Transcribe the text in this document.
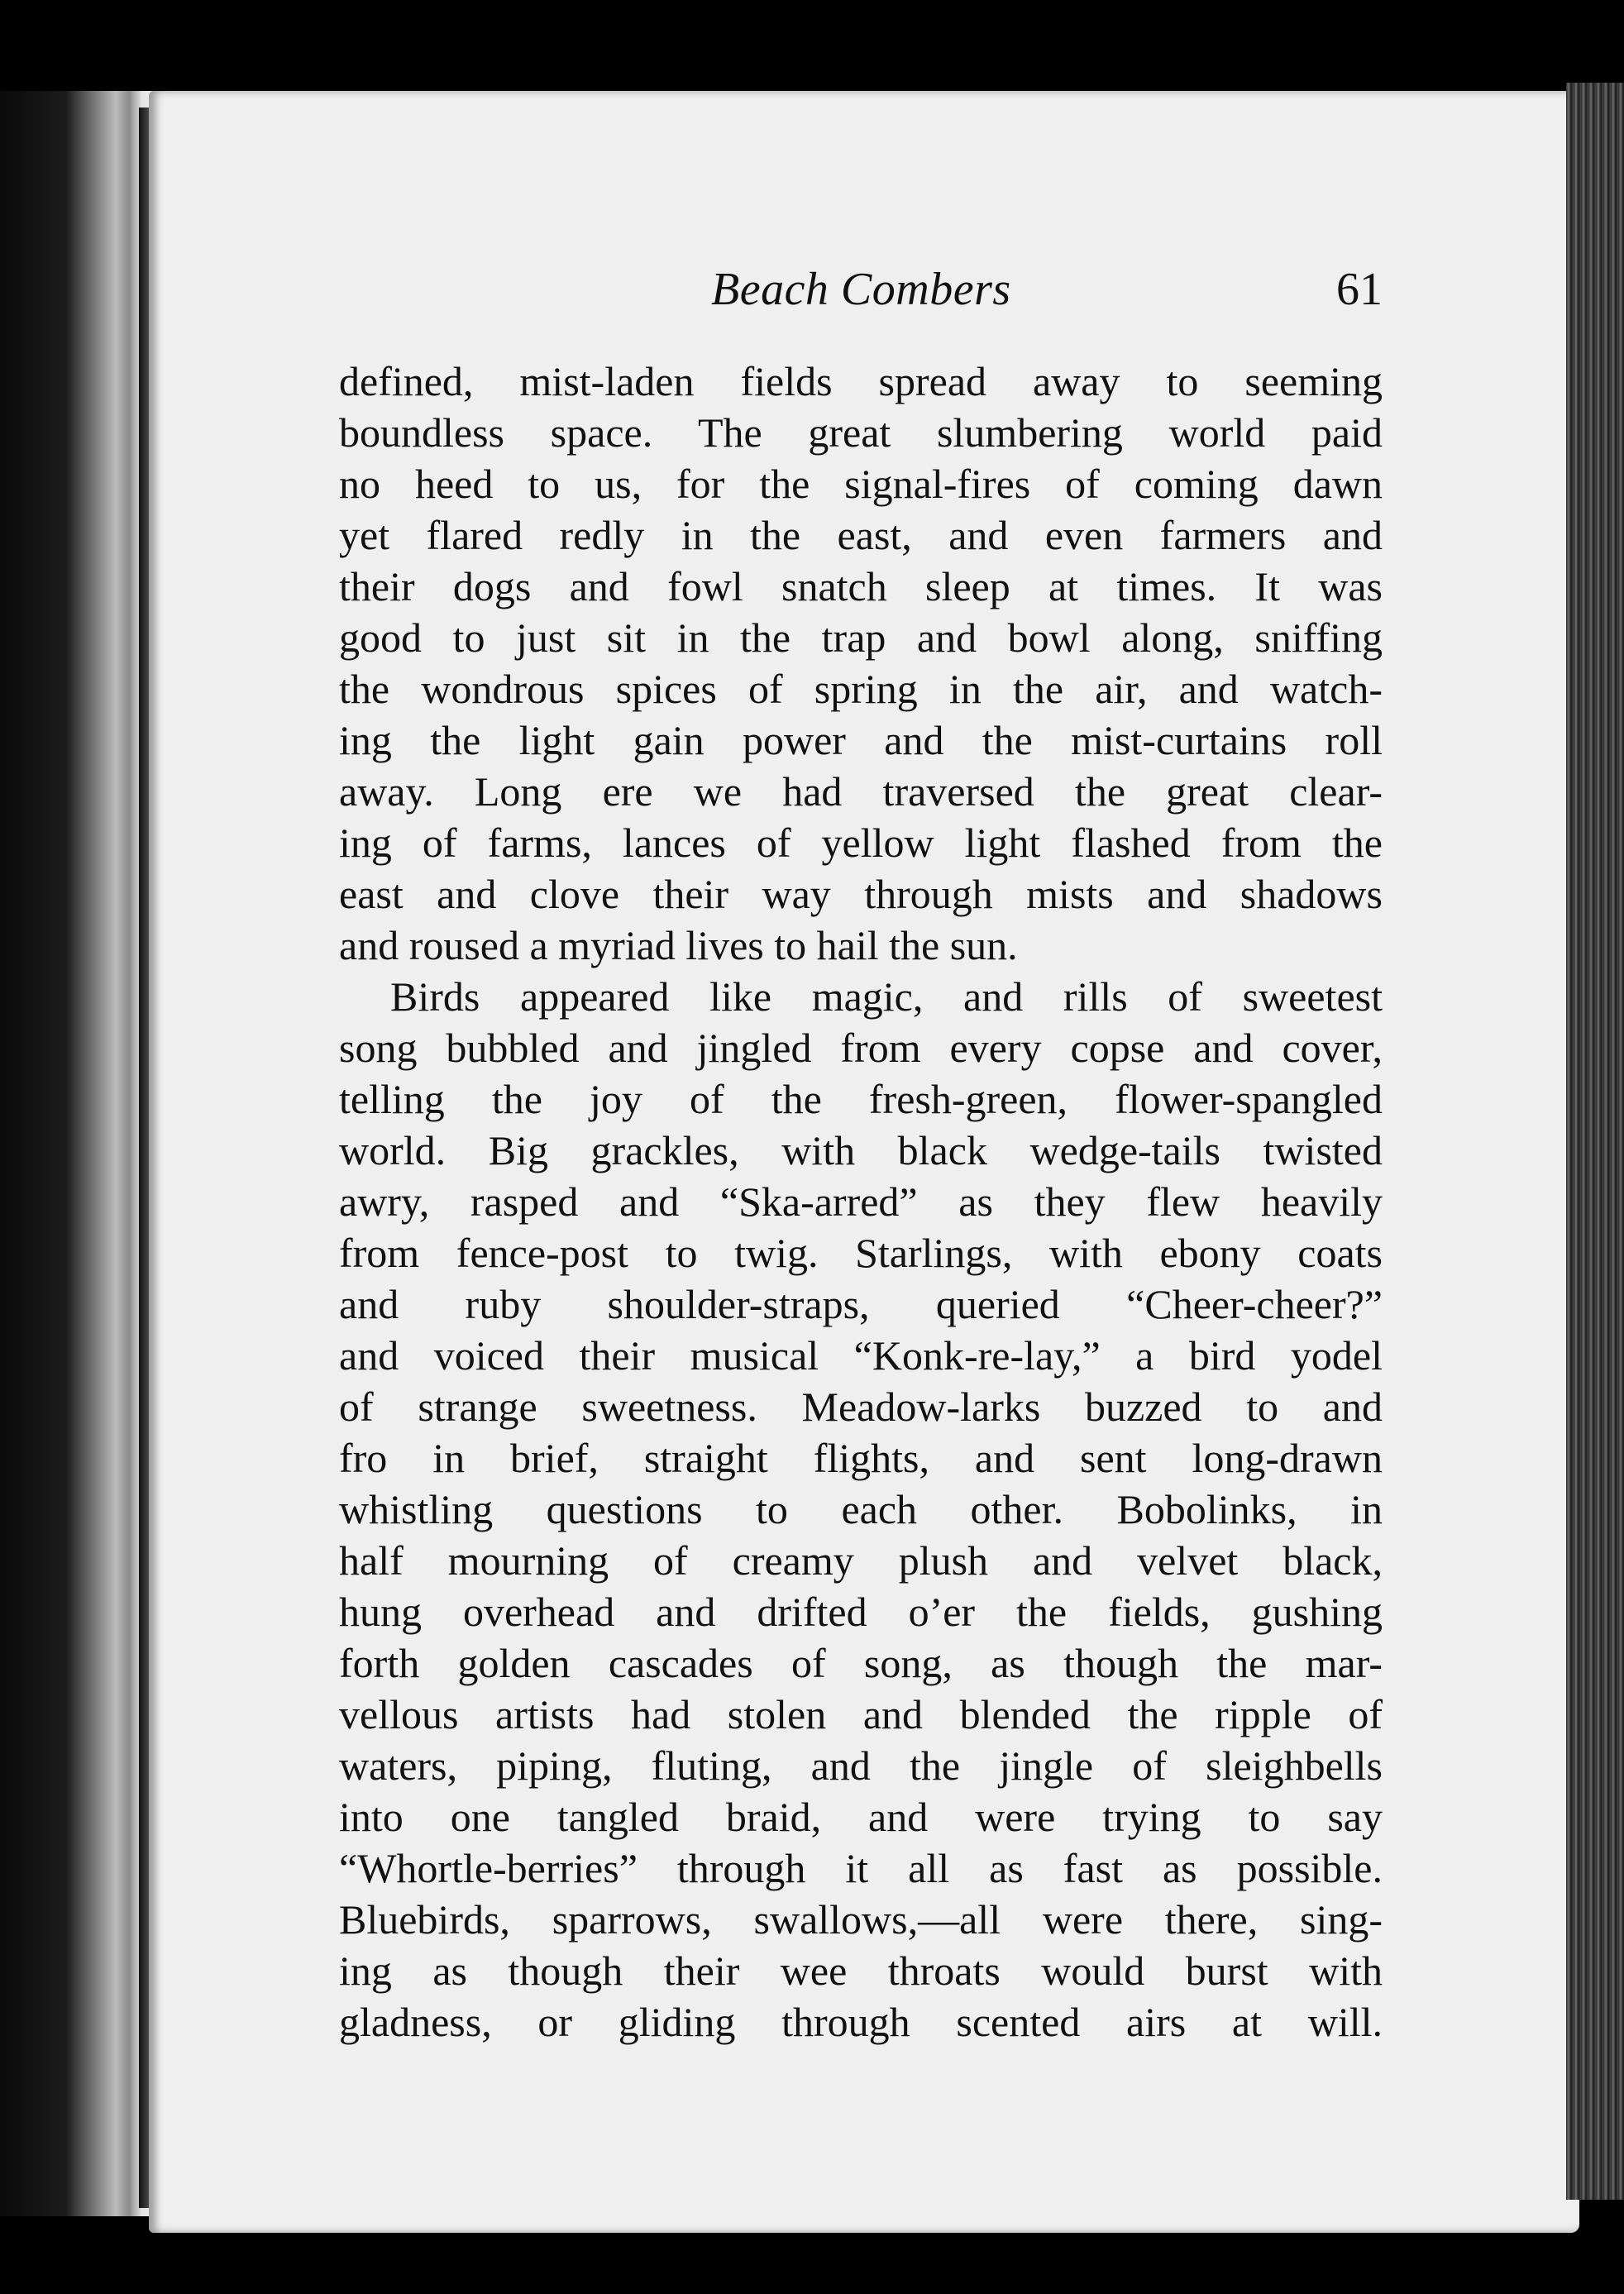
Beach Combers	61
defined, mist-laden fields spread away to seeming
boundless space. The great slumbering world paid
no heed to us, for the signal-fires of coming dawn
yet flared redly in the east, and even farmers and
their dogs and fowl snatch sleep at times. It was
good to just sit in the trap and bowl along, sniffing
the wondrous spices of spring in the air, and watch-
ing the light gain power and the mist-curtains roll
away. Long ere we had traversed the great clear-
ing of farms, lances of yellow light flashed from the
east and clove their way through mists and shadows
and roused a myriad lives to hail the sun.
Birds appeared like magic, and rills of sweetest
song bubbled and jingled from every copse and cover,
telling the joy of the fresh-green, flower-spangled
world. Big grackles, with black wedge-tails twisted
awry, rasped and “Ska-arred” as they flew heavily
from fence-post to twig. Starlings, with ebony coats
and ruby shoulder-straps, queried “Cheer-cheer?”
and voiced their musical “Konk-re-lay,” a bird yodel
of strange sweetness. Meadow-larks buzzed to and
fro in brief, straight flights, and sent long-drawn
whistling questions to each other. Bobolinks, in
half mourning of creamy plush and velvet black,
hung overhead and drifted o’er the fields, gushing
forth golden cascades of song, as though the mar-
vellous artists had stolen and blended the ripple of
waters, piping, fluting, and the jingle of sleighbells
into one tangled braid, and were trying to say
“Whortle-berries” through it all as fast as possible.
Bluebirds, sparrows, swallows,—all were there, sing-
ing as though their wee throats would burst with
gladness, or gliding through scented airs at will.
